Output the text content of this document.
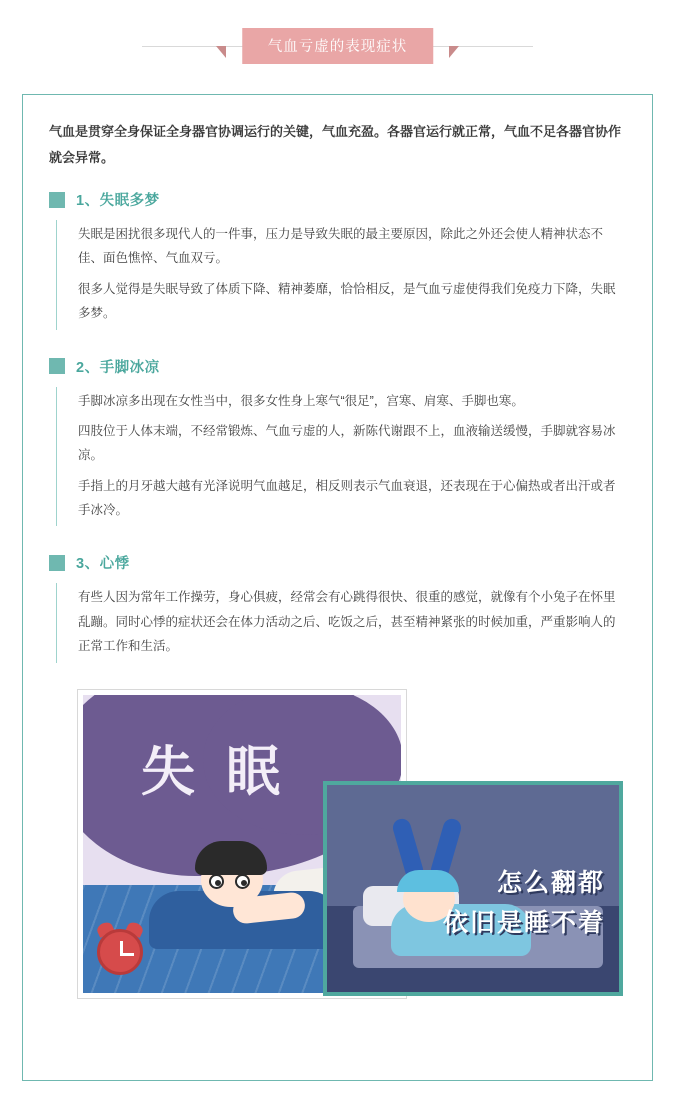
气血亏虚的表现症状

气血是贯穿全身保证全身器官协调运行的关键，气血充盈。各器官运行就正常，气血不足各器官协作就会异常。

1、失眠多梦

失眠是困扰很多现代人的一件事，压力是导致失眠的最主要原因，除此之外还会使人精神状态不佳、面色憔悴、气血双亏。

很多人觉得是失眠导致了体质下降、精神萎靡，恰恰相反，是气血亏虚使得我们免疫力下降，失眠多梦。

2、手脚冰凉

手脚冰凉多出现在女性当中，很多女性身上寒气“很足”，宫寒、肩寒、手脚也寒。

四肢位于人体末端，不经常锻炼、气血亏虚的人，新陈代谢跟不上，血液输送缓慢，手脚就容易冰凉。

手指上的月牙越大越有光泽说明气血越足，相反则表示气血衰退，还表现在于心偏热或者出汗或者手冰冷。

3、心悸

有些人因为常年工作操劳，身心俱疲，经常会有心跳得很快、很重的感觉，就像有个小兔子在怀里乱蹦。同时心悸的症状还会在体力活动之后、吃饭之后，甚至精神紧张的时候加重，严重影响人的正常工作和生活。

失 眠
怎么翻都
依旧是睡不着
